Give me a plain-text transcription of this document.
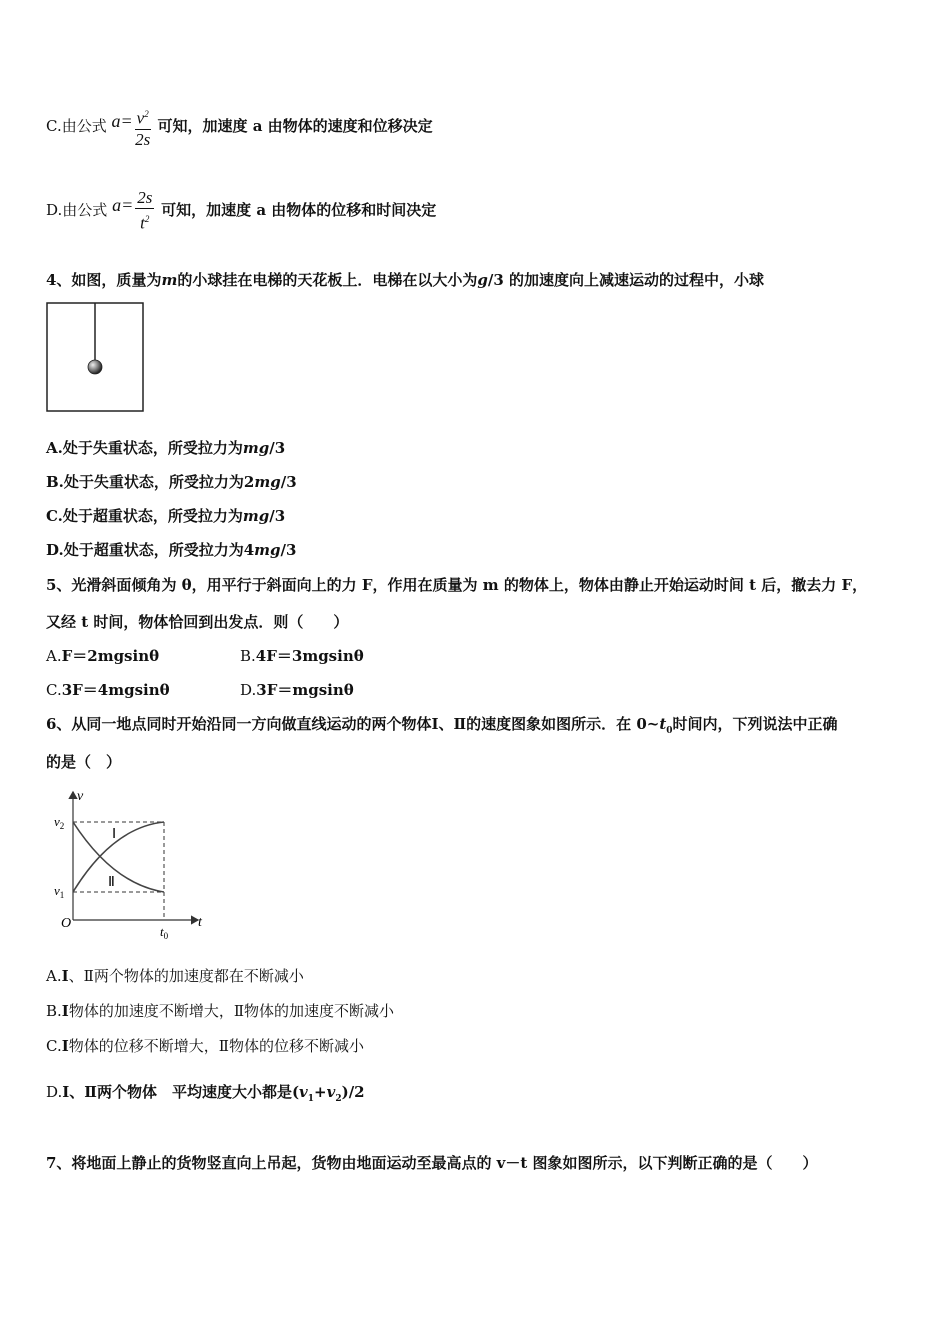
C.由公式 $a= \frac{v^2}{2s}$ 可知，加速度 a 由物体的速度和位移决定
D.由公式 $a= \frac{2s}{t^2}$ 可知，加速度 a 由物体的位移和时间决定
4、如图，质量为m的小球挂在电梯的天花板上．电梯在以大小为g/3 的加速度向上减速运动的过程中，小球
A.处于失重状态，所受拉力为mg/3
B.处于失重状态，所受拉力为2mg/3
C.处于超重状态，所受拉力为mg/3
D.处于超重状态，所受拉力为4mg/3
5、光滑斜面倾角为 θ，用平行于斜面向上的力 F，作用在质量为 m 的物体上，物体由静止开始运动时间 t 后，撤去力 F，
又经 t 时间，物体恰回到出发点．则（　　）
A.F＝2mgsinθ	B.4F＝3mgsinθ
C.3F＝4mgsinθ	D.3F＝mgsinθ
6、从同一地点同时开始沿同一方向做直线运动的两个物体Ⅰ、Ⅱ的速度图象如图所示．在 $0\sim t_0$时间内，下列说法中正确
的是（　）
v
t
$v_2$
$v_1$
O
$t_0$
Ⅰ
Ⅱ
A.I、Ⅱ两个物体的加速度都在不断减小
B.I物体的加速度不断增大，Ⅱ物体的加速度不断减小
C.I物体的位移不断增大，Ⅱ物体的位移不断减小
D.I、Ⅱ两个物体　平均速度大小都是$(v_1+v_2)/2$
7、将地面上静止的货物竖直向上吊起，货物由地面运动至最高点的 v－t 图象如图所示，以下判断正确的是（　　）
